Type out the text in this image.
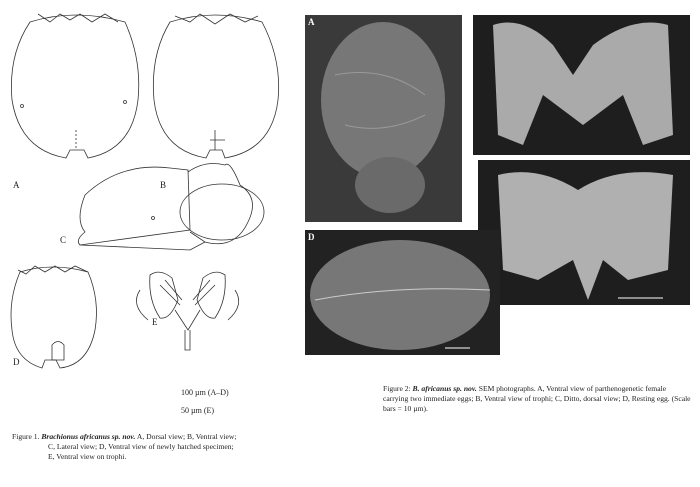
A	B
C
D
E
100 µm (A–D)
50 µm (E)
Figure 1. Brachionus africanus sp. nov. A, Dorsal view; B, Ventral view;
C, Lateral view; D, Ventral view of newly hatched specimen;
E, Ventral view on trophi.
A
D
Figure 2: B. africanus sp. nov. SEM photographs. A, Ventral view of parthenogenetic female carrying two immediate eggs; B, Ventral view of trophi; C, Ditto, dorsal view; D, Resting egg. (Scale bars = 10 µm).
